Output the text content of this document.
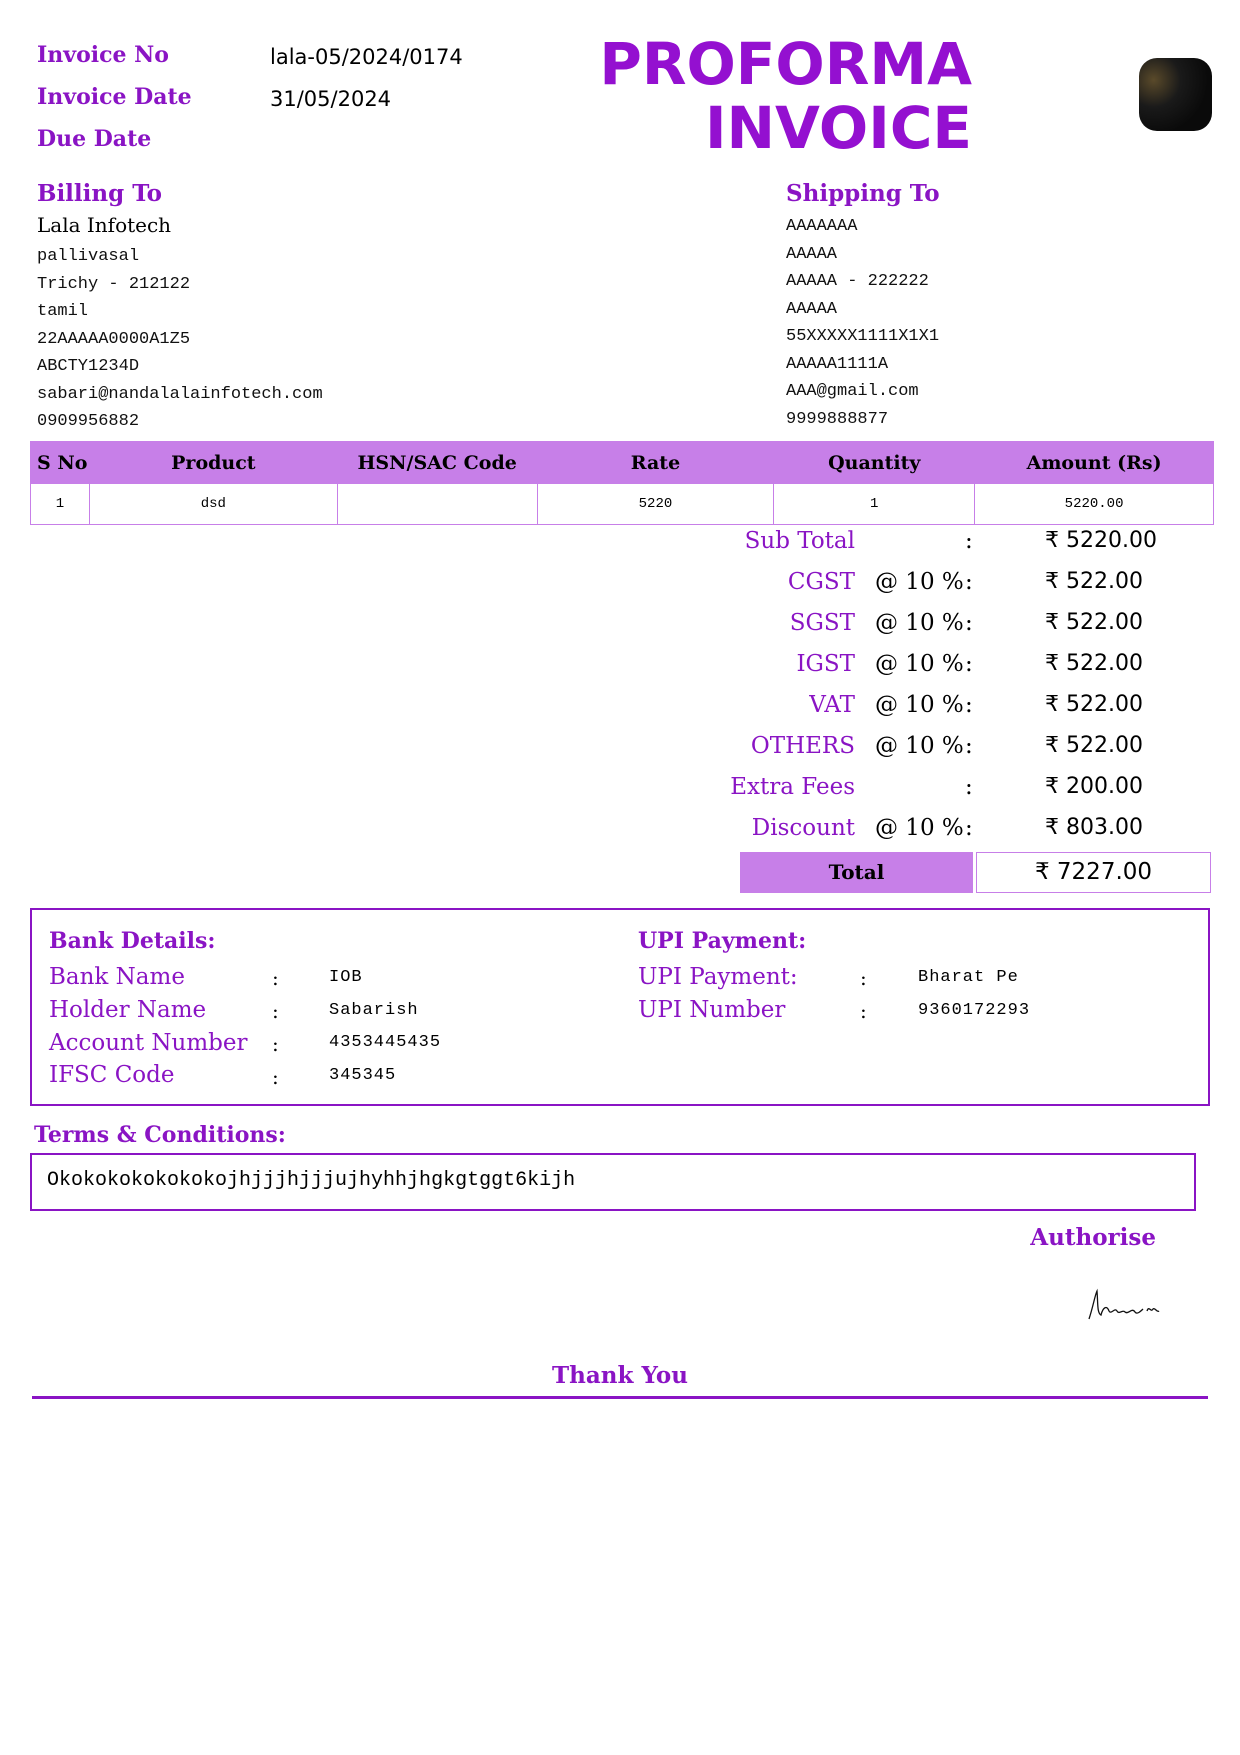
Invoice No	lala-05/2024/0174
Invoice Date	31/05/2024
Due Date
PROFORMA
INVOICE
Billing To
Lala Infotech
pallivasal
Trichy - 212122
tamil
22AAAAA0000A1Z5
ABCTY1234D
sabari@nandalalainfotech.com
0909956882
Shipping To
AAAAAAA
AAAAA
AAAAA - 222222
AAAAA
55XXXXX1111X1X1
AAAAA1111A
AAA@gmail.com
9999888877
S No	Product	HSN/SAC Code	Rate	Quantity	Amount (Rs)
1	dsd		5220	1	5220.00
Sub Total	:	₹ 5220.00
CGST @ 10 % :	₹ 522.00
SGST @ 10 % :	₹ 522.00
IGST @ 10 % :	₹ 522.00
VAT @ 10 % :	₹ 522.00
OTHERS @ 10 % :	₹ 522.00
Extra Fees	:	₹ 200.00
Discount @ 10 % :	₹ 803.00
Total	₹ 7227.00
Bank Details:
Bank Name	:	IOB
Holder Name	:	Sabarish
Account Number :	4353445435
IFSC Code	:	345345
UPI Payment:
UPI Payment:	:	Bharat Pe
UPI Number	:	9360172293
Terms & Conditions:
Okokokokokokokojhjjjhjjjujhyhhjhgkgtggt6kijh
Authorise
Thank You
